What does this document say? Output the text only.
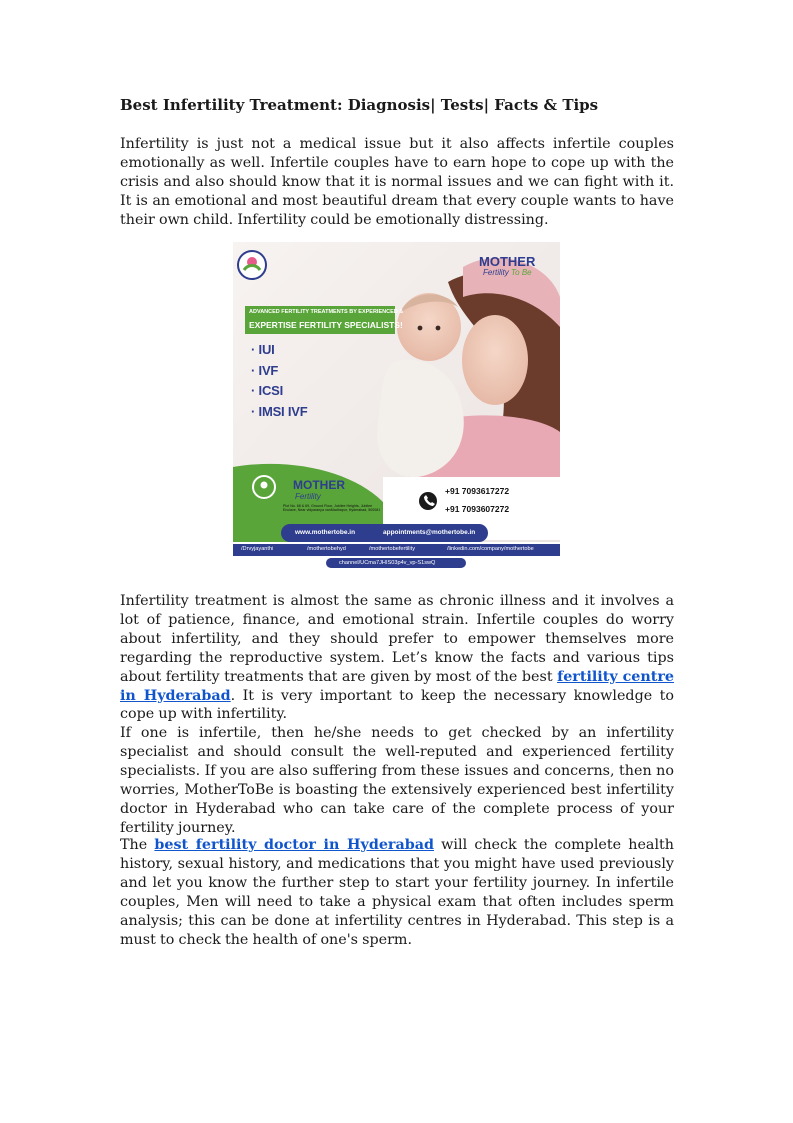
Best Infertility Treatment: Diagnosis| Tests| Facts & Tips

Infertility is just not a medical issue but it also affects infertile couples emotionally as well. Infertile couples have to earn hope to cope up with the crisis and also should know that it is normal issues and we can fight with it. It is an emotional and most beautiful dream that every couple wants to have their own child. Infertility could be emotionally distressing.

Infertility treatment is almost the same as chronic illness and it involves a lot of patience, finance, and emotional strain. Infertile couples do worry about infertility, and they should prefer to empower themselves more regarding the reproductive system. Let’s know the facts and various tips about fertility treatments that are given by most of the best fertility centre in Hyderabad. It is very important to keep the necessary knowledge to cope up with infertility.

If one is infertile, then he/she needs to get checked by an infertility specialist and should consult the well-reputed and experienced fertility specialists. If you are also suffering from these issues and concerns, then no worries, MotherToBe is boasting the extensively experienced best infertility doctor in Hyderabad who can take care of the complete process of your fertility journey.

The best fertility doctor in Hyderabad will check the complete health history, sexual history, and medications that you might have used previously and let you know the further step to start your fertility journey. In infertile couples, Men will need to take a physical exam that often includes sperm analysis; this can be done at infertility centres in Hyderabad. This step is a must to check the health of one's sperm.

MOTHER
Fertility To Be
ADVANCED FERTILITY TREATMENTS BY EXPERIENCED &
EXPERTISE FERTILITY SPECIALISTS!
· IUI
· IVF
· ICSI
· IMSI IVF
MOTHER
Fertility To Be
Plot No. 68 & 69, Ground Floor, Jubilee Heights, Jubilee Enclave, Near vidyaranya vanMadhapur, Hyderabad, 500081
+91 7093617272
+91 7093607272
www.mothertobe.in	appointments@mothertobe.in
/Drvyjayanthi	/mothertobehyd	/mothertobefertility	/linkedin.com/company/mothertobe
channel/UCma7JHIS03p4v_vp-S1swQ
